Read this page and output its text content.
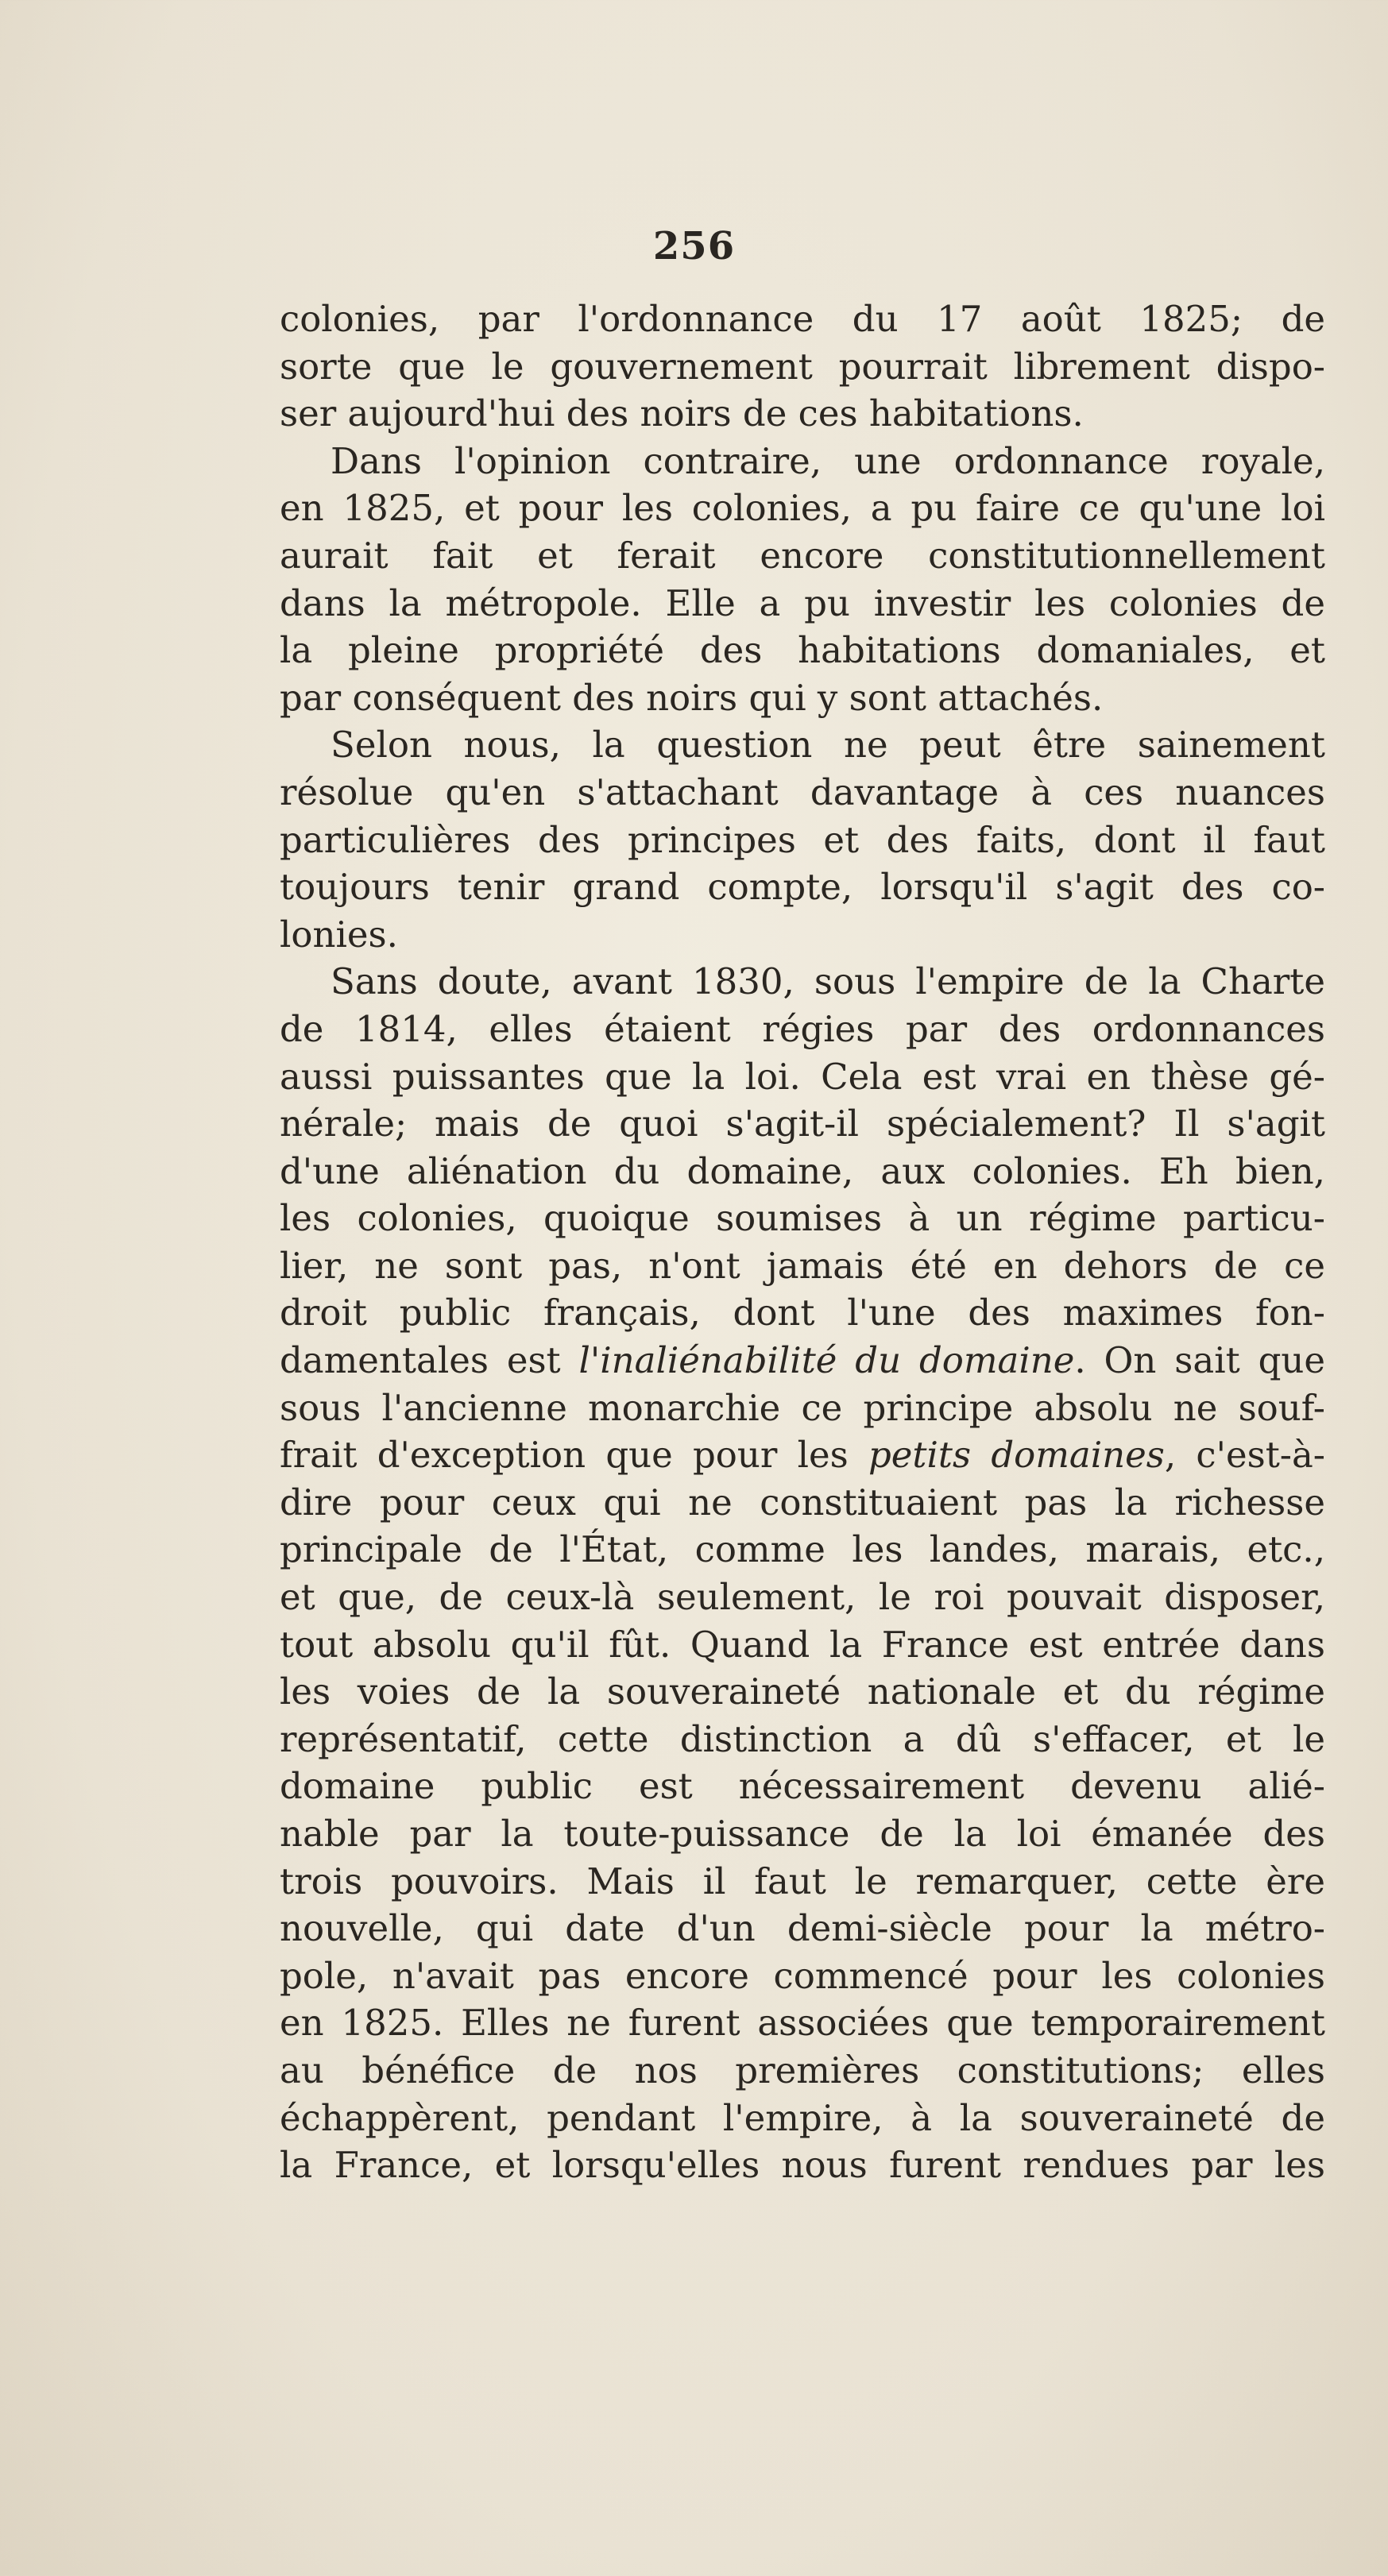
256
colonies, par l'ordonnance du 17 août 1825; de
sorte que le gouvernement pourrait librement dispo-
ser aujourd'hui des noirs de ces habitations.
Dans l'opinion contraire, une ordonnance royale,
en 1825, et pour les colonies, a pu faire ce qu'une loi
aurait fait et ferait encore constitutionnellement
dans la métropole. Elle a pu investir les colonies de
la pleine propriété des habitations domaniales, et
par conséquent des noirs qui y sont attachés.
Selon nous, la question ne peut être sainement
résolue qu'en s'attachant davantage à ces nuances
particulières des principes et des faits, dont il faut
toujours tenir grand compte, lorsqu'il s'agit des co-
lonies.
Sans doute, avant 1830, sous l'empire de la Charte
de 1814, elles étaient régies par des ordonnances
aussi puissantes que la loi. Cela est vrai en thèse gé-
nérale; mais de quoi s'agit-il spécialement? Il s'agit
d'une aliénation du domaine, aux colonies. Eh bien,
les colonies, quoique soumises à un régime particu-
lier, ne sont pas, n'ont jamais été en dehors de ce
droit public français, dont l'une des maximes fon-
damentales est l'inaliénabilité du domaine. On sait que
sous l'ancienne monarchie ce principe absolu ne souf-
frait d'exception que pour les petits domaines, c'est-à-
dire pour ceux qui ne constituaient pas la richesse
principale de l'État, comme les landes, marais, etc.,
et que, de ceux-là seulement, le roi pouvait disposer,
tout absolu qu'il fût. Quand la France est entrée dans
les voies de la souveraineté nationale et du régime
représentatif, cette distinction a dû s'effacer, et le
domaine public est nécessairement devenu alié-
nable par la toute-puissance de la loi émanée des
trois pouvoirs. Mais il faut le remarquer, cette ère
nouvelle, qui date d'un demi-siècle pour la métro-
pole, n'avait pas encore commencé pour les colonies
en 1825. Elles ne furent associées que temporairement
au bénéfice de nos premières constitutions; elles
échappèrent, pendant l'empire, à la souveraineté de
la France, et lorsqu'elles nous furent rendues par les
